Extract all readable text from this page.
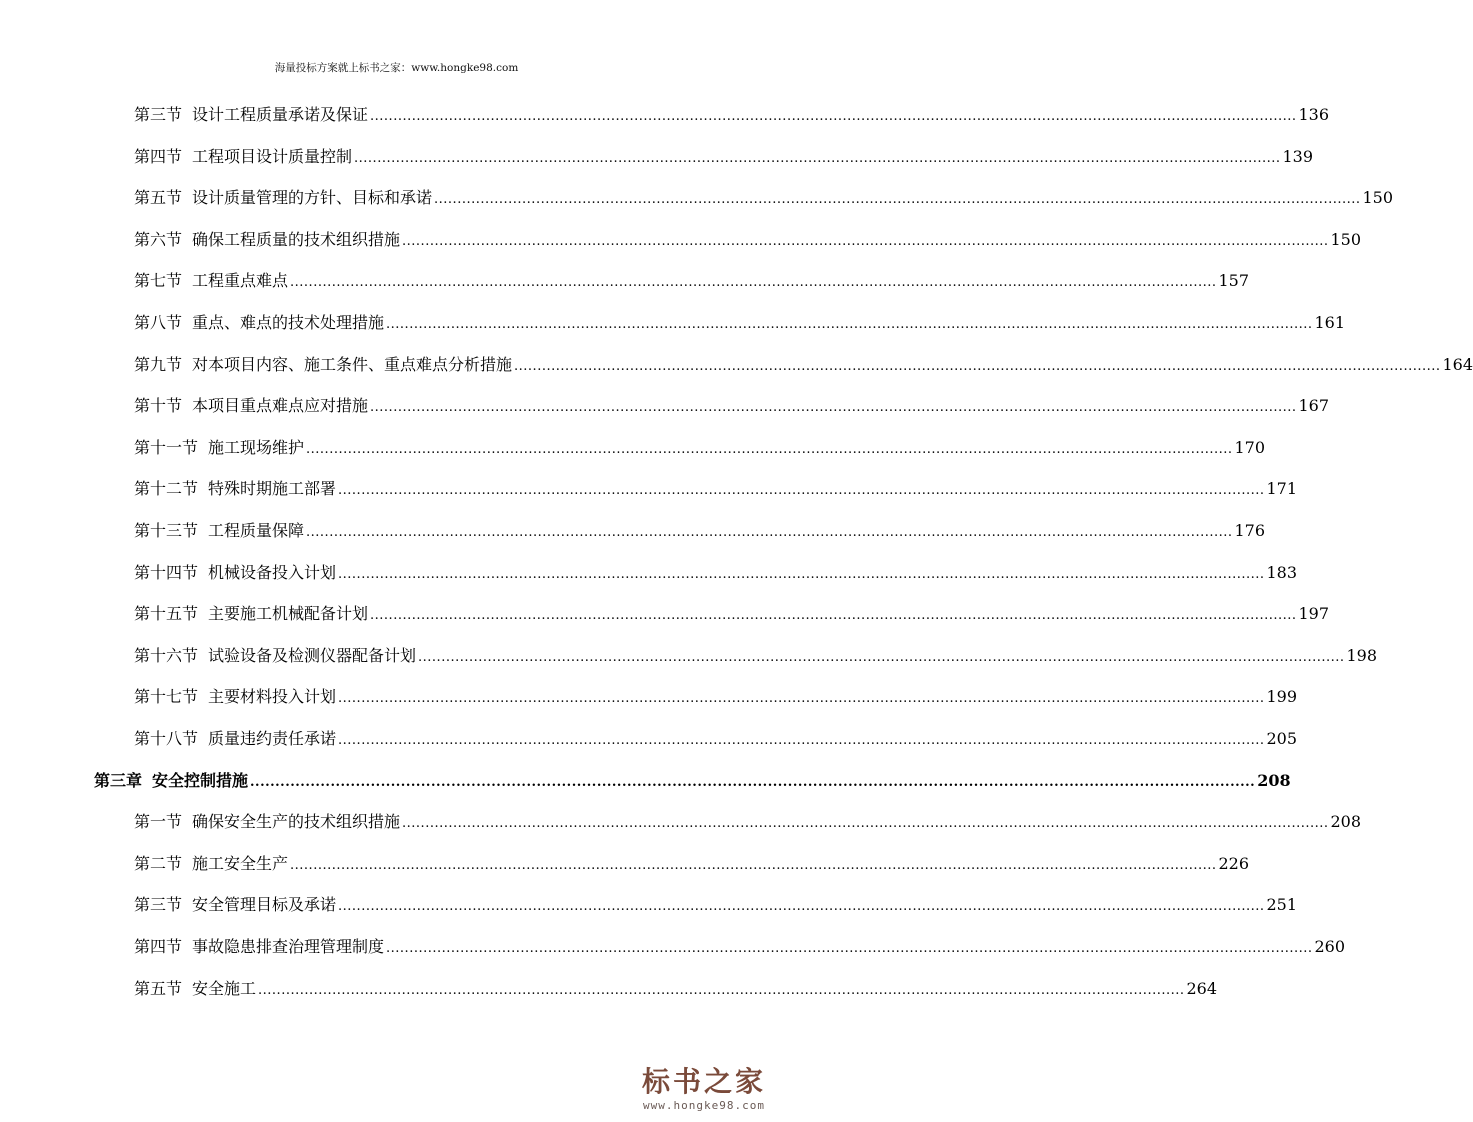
海量投标方案就上标书之家：www.hongke98.com
第三节 设计工程质量承诺及保证 ........................................................................................................................................................................................................ 136
第四节 工程项目设计质量控制 ........................................................................................................................................................................................................ 139
第五节 设计质量管理的方针、目标和承诺 ........................................................................................................................................................................................................ 150
第六节 确保工程质量的技术组织措施 ........................................................................................................................................................................................................ 150
第七节 工程重点难点 ........................................................................................................................................................................................................ 157
第八节 重点、难点的技术处理措施 ........................................................................................................................................................................................................ 161
第九节 对本项目内容、施工条件、重点难点分析措施 ........................................................................................................................................................................................................ 164
第十节 本项目重点难点应对措施 ........................................................................................................................................................................................................ 167
第十一节 施工现场维护 ........................................................................................................................................................................................................ 170
第十二节 特殊时期施工部署 ........................................................................................................................................................................................................ 171
第十三节 工程质量保障 ........................................................................................................................................................................................................ 176
第十四节 机械设备投入计划 ........................................................................................................................................................................................................ 183
第十五节 主要施工机械配备计划 ........................................................................................................................................................................................................ 197
第十六节 试验设备及检测仪器配备计划 ........................................................................................................................................................................................................ 198
第十七节 主要材料投入计划 ........................................................................................................................................................................................................ 199
第十八节 质量违约责任承诺 ........................................................................................................................................................................................................ 205
第三章 安全控制措施 ........................................................................................................................................................................................................ 208
第一节 确保安全生产的技术组织措施 ........................................................................................................................................................................................................ 208
第二节 施工安全生产 ........................................................................................................................................................................................................ 226
第三节 安全管理目标及承诺 ........................................................................................................................................................................................................ 251
第四节 事故隐患排查治理管理制度 ........................................................................................................................................................................................................ 260
第五节 安全施工 ........................................................................................................................................................................................................ 264
标书之家
www.hongke98.com
